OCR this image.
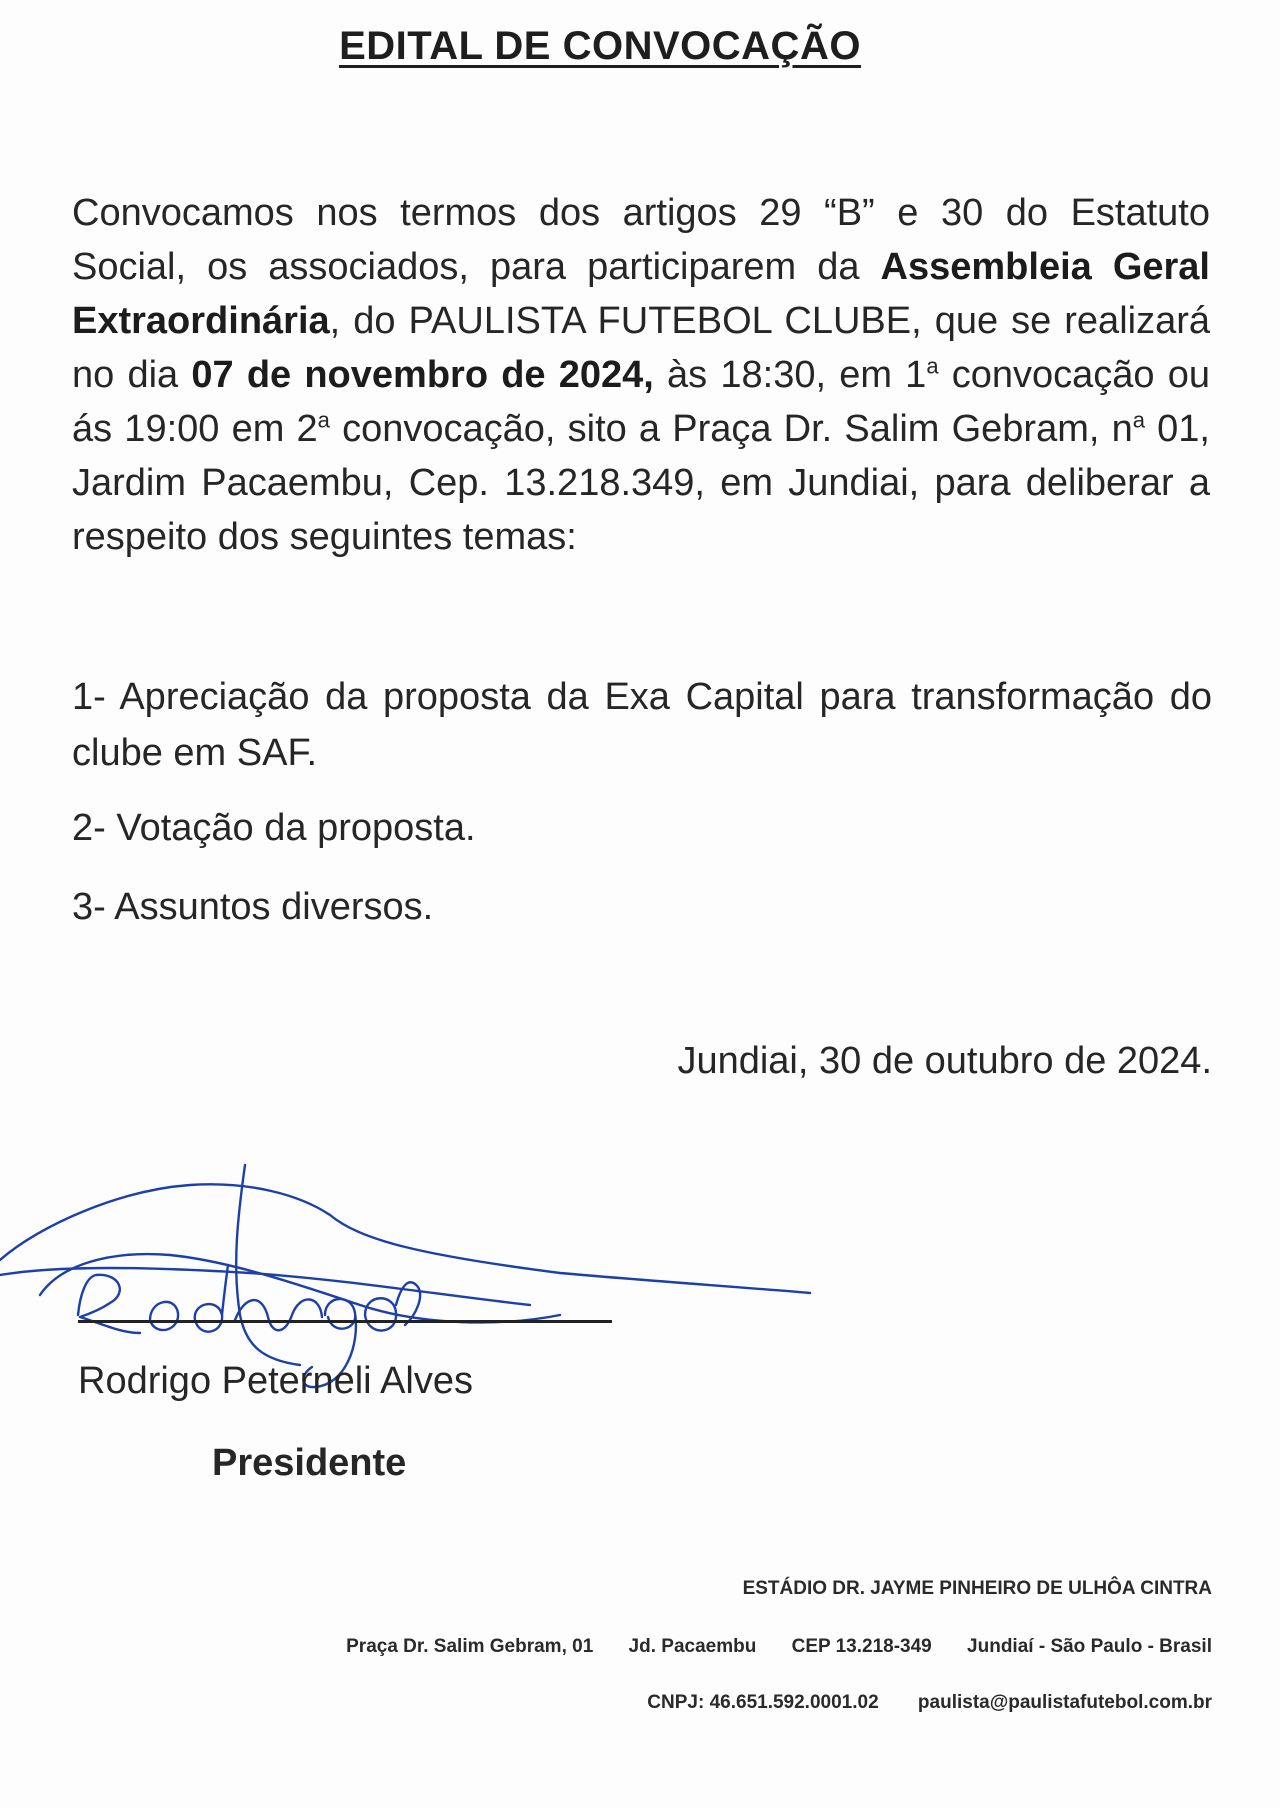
EDITAL DE CONVOCAÇÃO
Convocamos nos termos dos artigos 29 “B” e 30 do Estatuto Social, os associados, para participarem da Assembleia Geral Extraordinária, do PAULISTA FUTEBOL CLUBE, que se realizará no dia 07 de novembro de 2024, às 18:30, em 1$^a$ convocação ou ás 19:00 em 2$^a$ convocação, sito a Praça Dr. Salim Gebram, $n^a$ 01, Jardim Pacaembu, Cep. 13.218.349, em Jundiai, para deliberar a respeito dos seguintes temas:
1- Apreciação da proposta da Exa Capital para transformação do clube em SAF.
2- Votação da proposta.
3- Assuntos diversos.
Jundiai, 30 de outubro de 2024.
Rodrigo Peterneli Alves
Presidente
ESTÁDIO DR. JAYME PINHEIRO DE ULHÔA CINTRA
Praça Dr. Salim Gebram, 01 Jd. Pacaembu CEP 13.218-349 Jundiaí - São Paulo - Brasil
CNPJ: 46.651.592.0001.02 paulista@paulistafutebol.com.br
